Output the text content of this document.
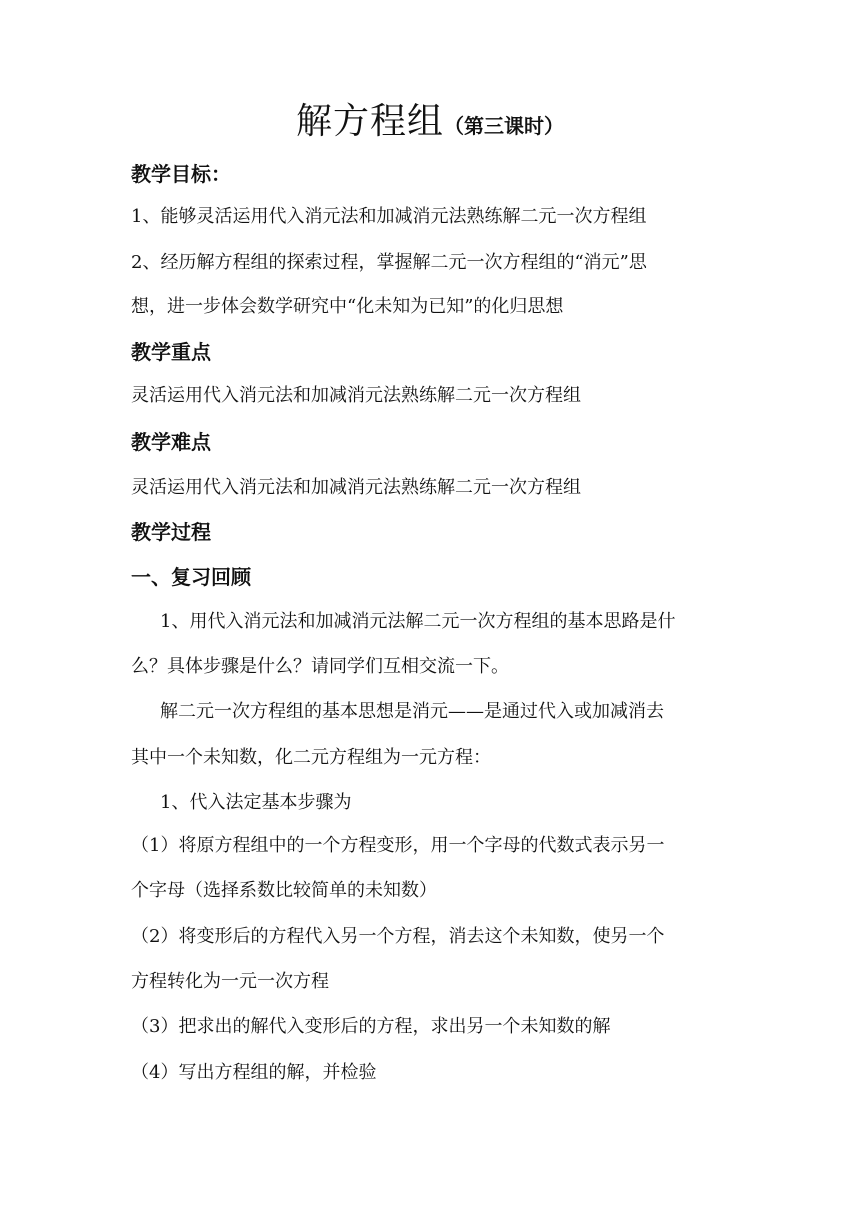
解方程组（第三课时）
教学目标：
1、能够灵活运用代入消元法和加减消元法熟练解二元一次方程组
2、经历解方程组的探索过程，掌握解二元一次方程组的“消元”思
想，进一步体会数学研究中“化未知为已知”的化归思想
教学重点
灵活运用代入消元法和加减消元法熟练解二元一次方程组
教学难点
灵活运用代入消元法和加减消元法熟练解二元一次方程组
教学过程
一、复习回顾
1、用代入消元法和加减消元法解二元一次方程组的基本思路是什
么？具体步骤是什么？请同学们互相交流一下。
解二元一次方程组的基本思想是消元——是通过代入或加减消去
其中一个未知数，化二元方程组为一元方程：
1、代入法定基本步骤为
（1）将原方程组中的一个方程变形，用一个字母的代数式表示另一
个字母（选择系数比较简单的未知数）
（2）将变形后的方程代入另一个方程，消去这个未知数，使另一个
方程转化为一元一次方程
（3）把求出的解代入变形后的方程，求出另一个未知数的解
（4）写出方程组的解，并检验
